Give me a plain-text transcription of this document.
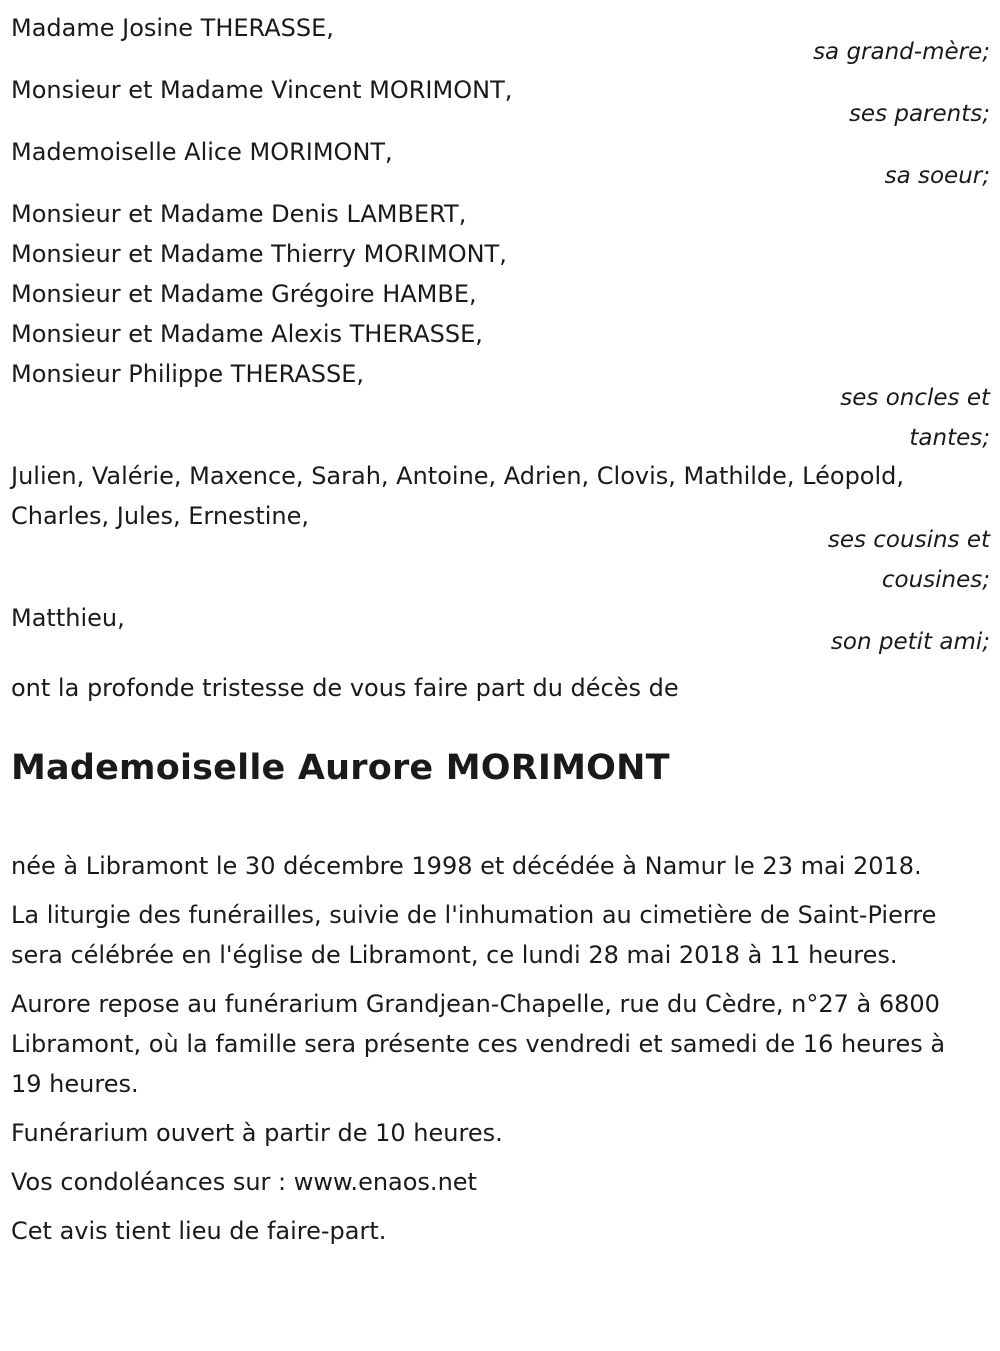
Madame Josine THERASSE,
sa grand-mère;
Monsieur et Madame Vincent MORIMONT,
ses parents;
Mademoiselle Alice MORIMONT,
sa soeur;
Monsieur et Madame Denis LAMBERT,
Monsieur et Madame Thierry MORIMONT,
Monsieur et Madame Grégoire HAMBE,
Monsieur et Madame Alexis THERASSE,
Monsieur Philippe THERASSE,
ses oncles et tantes;
Julien, Valérie, Maxence, Sarah, Antoine, Adrien, Clovis, Mathilde, Léopold, Charles, Jules, Ernestine,
ses cousins et cousines;
Matthieu,
son petit ami;
ont la profonde tristesse de vous faire part du décès de
Mademoiselle Aurore MORIMONT

née à Libramont le 30 décembre 1998 et décédée à Namur le 23 mai 2018.

La liturgie des funérailles, suivie de l'inhumation au cimetière de Saint-Pierre sera célébrée en l'église de Libramont, ce lundi 28 mai 2018 à 11 heures.

Aurore repose au funérarium Grandjean-Chapelle, rue du Cèdre, n°27 à 6800 Libramont, où la famille sera présente ces vendredi et samedi de 16 heures à 19 heures.

Funérarium ouvert à partir de 10 heures.

Vos condoléances sur : www.enaos.net

Cet avis tient lieu de faire-part.
